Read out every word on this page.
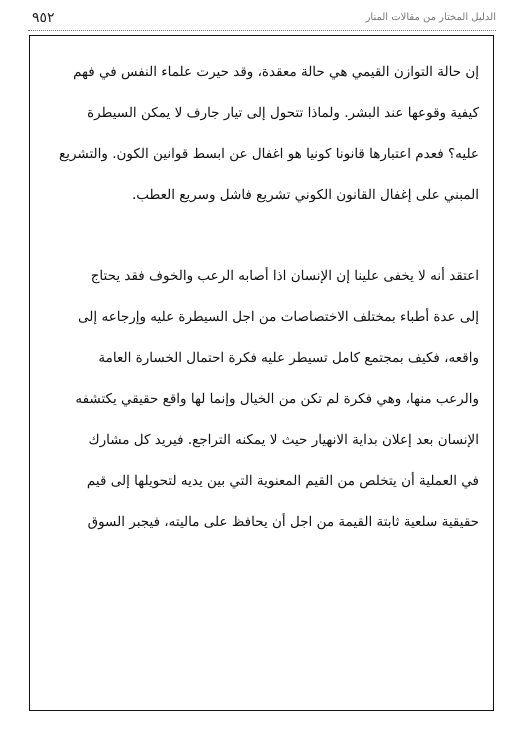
الدليل المختار من مقالات المنار
٩٥٢
إن حالة التوازن القيمي هي حالة معقدة، وقد حيرت علماء النفس في فهم
كيفية وقوعها عند البشر. ولماذا تتحول إلى تيار جارف لا يمكن السيطرة
عليه؟ فعدم اعتبارها قانونا كونيا هو اغفال عن ابسط قوانين الكون. والتشريع
المبني على إغفال القانون الكوني تشريع فاشل وسريع العطب.
اعتقد أنه لا يخفى علينا إن الإنسان اذا أصابه الرعب والخوف فقد يحتاج
إلى عدة أطباء بمختلف الاختصاصات من اجل السيطرة عليه وإرجاعه إلى
واقعه، فكيف بمجتمع كامل تسيطر عليه فكرة احتمال الخسارة العامة
والرعب منها، وهي فكرة لم تكن من الخيال وإنما لها واقع حقيقي يكتشفه
الإنسان بعد إعلان بداية الانهيار حيث لا يمكنه التراجع. فيريد كل مشارك
في العملية أن يتخلص من القيم المعنوية التي بين يديه لتحويلها إلى قيم
حقيقية سلعية ثابتة القيمة من اجل أن يحافظ على ماليته، فيجبر السوق
